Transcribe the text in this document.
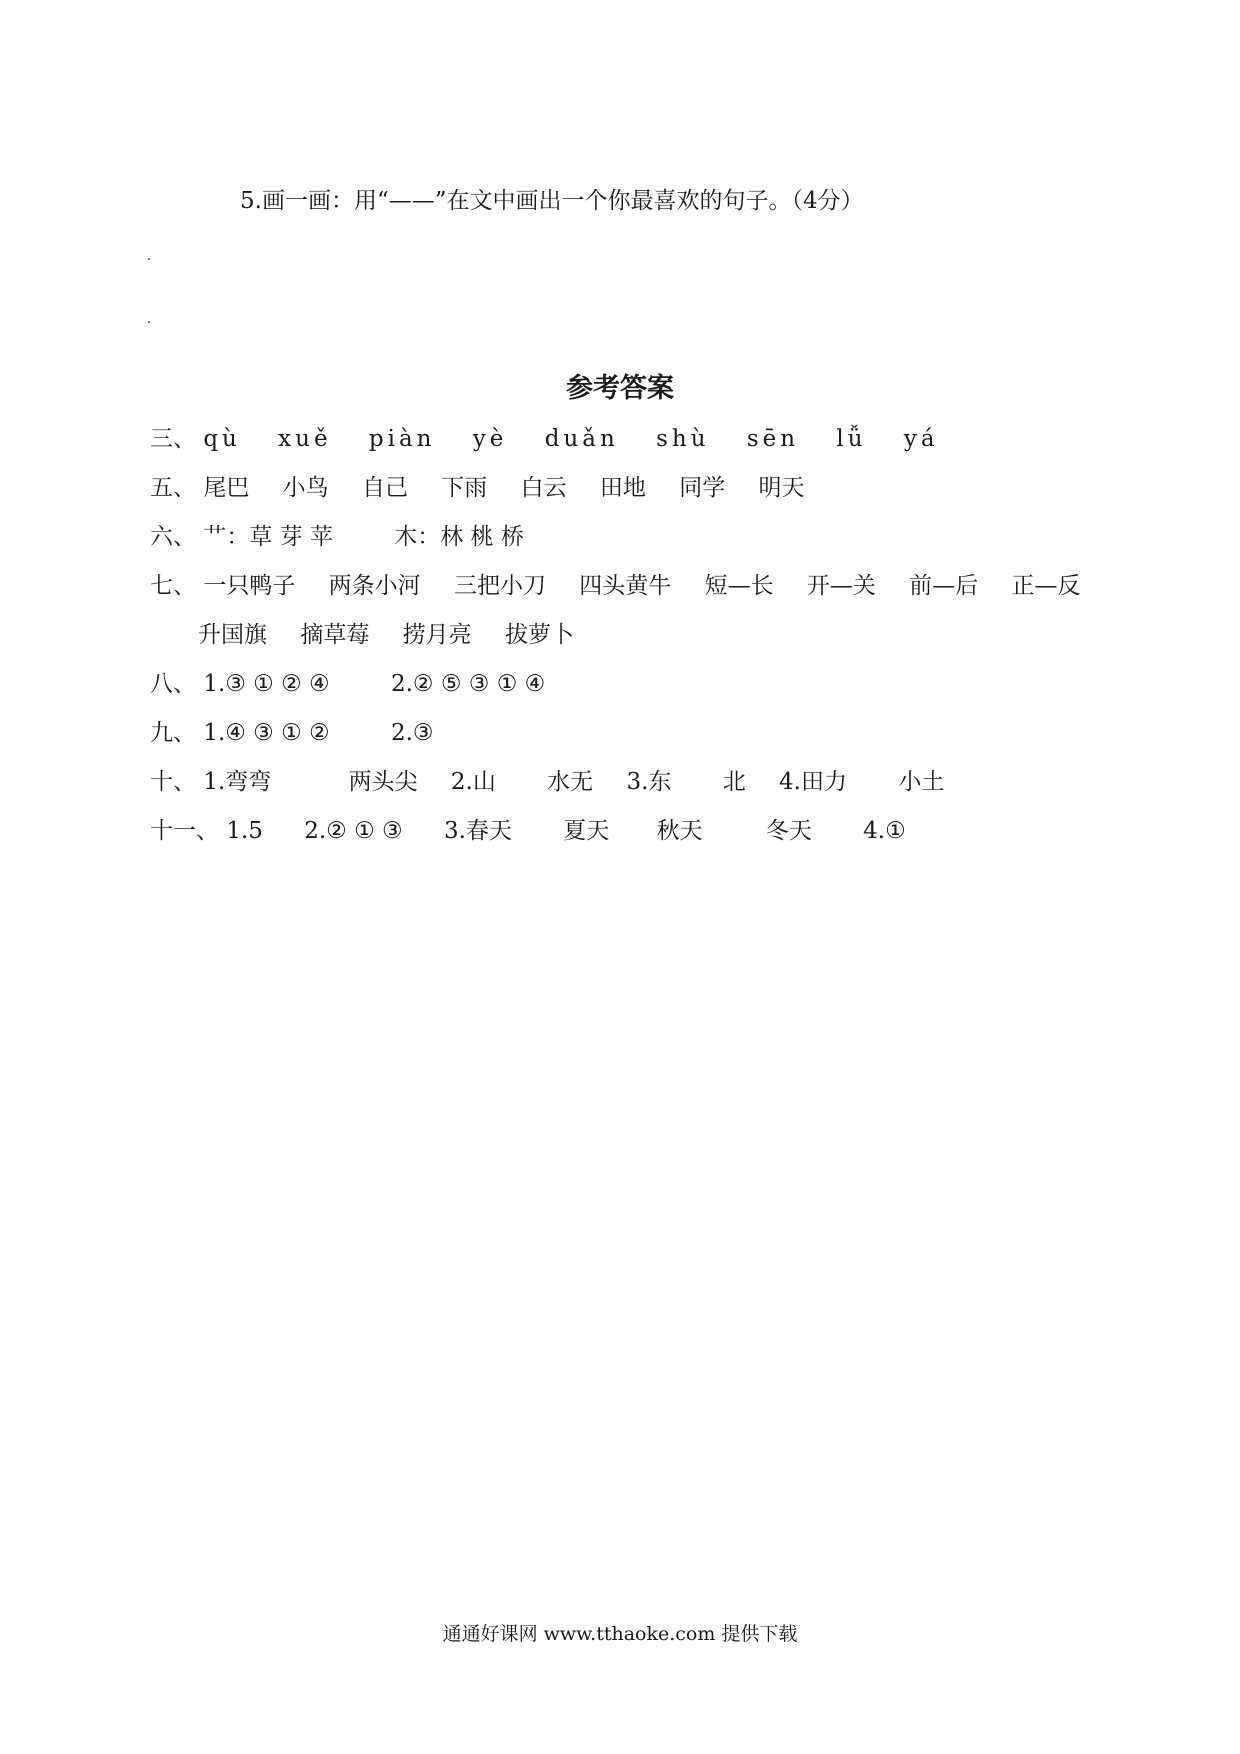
5.画一画：用“——”在文中画出一个你最喜欢的句子。（4分）
参考答案
三、 qù xuě piàn yè duǎn shù sēn lǚ yá
五、 尾巴 小鸟 自己 下雨 白云 田地 同学 明天
六、 艹：草 芽 苹	木：林 桃 桥
七、 一只鸭子 两条小河 三把小刀 四头黄牛 短—长 开—关 前—后 正—反
升国旗 摘草莓 捞月亮 拔萝卜
八、 1.③ ① ② ④	2.② ⑤ ③ ① ④
九、 1.④ ③ ① ②	2.③
十、 1.弯弯	两头尖 2.山 水无 3.东 北 4.田力 小土
十一、 1.5 2.② ① ③ 3.春天 夏天 秋天	冬天 4.①
通通好课网 www.tthaoke.com 提供下载
